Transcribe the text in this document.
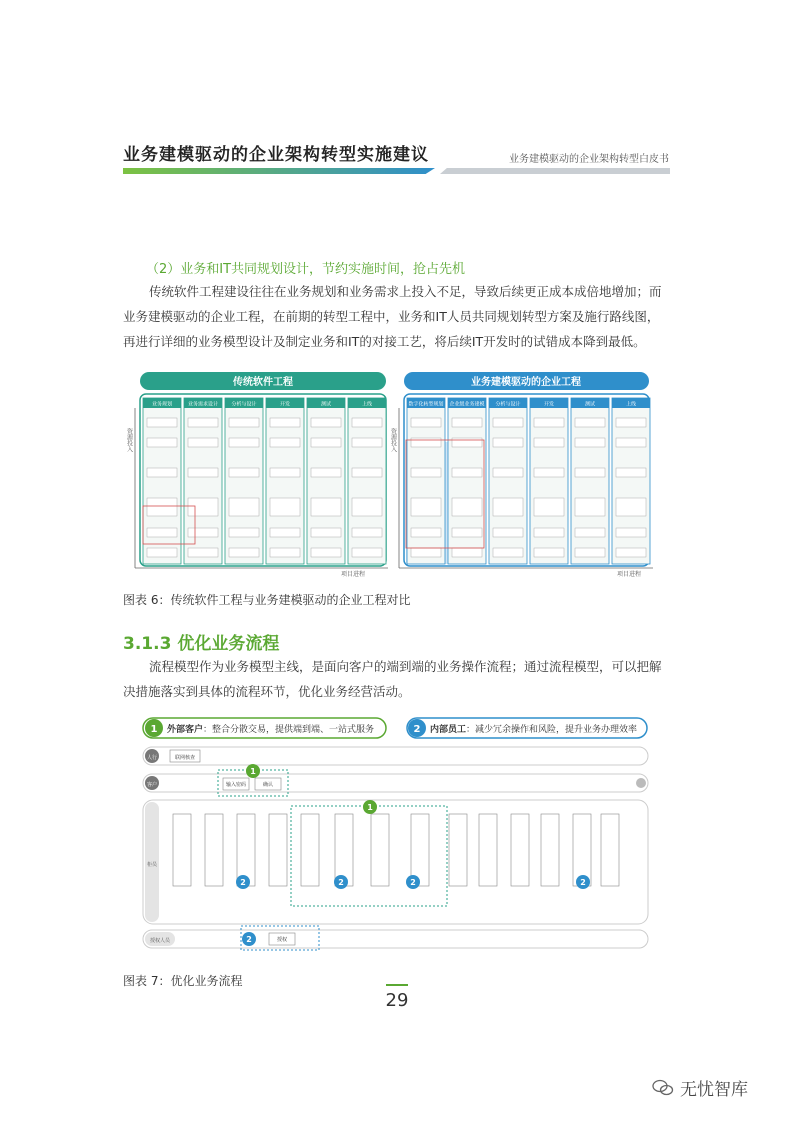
业务建模驱动的企业架构转型实施建议	业务建模驱动的企业架构转型白皮书
（2）业务和IT共同规划设计，节约实施时间，抢占先机
传统软件工程建设往往在业务规划和业务需求上投入不足，导致后续更正成本成倍地增加；而业务建模驱动的企业工程，在前期的转型工程中，业务和IT人员共同规划转型方案及施行路线图，再进行详细的业务模型设计及制定业务和IT的对接工艺，将后续IT开发时的试错成本降到最低。
传统软件工程	业务建模驱动的企业工程
业务规划	业务需求设计	分析与设计	开发	测试	上线	数字化转型规划 企业级业务建模 分析与设计	开发	测试	上线
资源投入
项目进程
资源投入
项目进程
图表 6：传统软件工程与业务建模驱动的企业工程对比
3.1.3 优化业务流程
流程模型作为业务模型主线，是面向客户的端到端的业务操作流程；通过流程模型，可以把解决措施落实到具体的流程环节，优化业务经营活动。
1 外部客户：整合分散交易，提供端到端、一站式服务	2 内部员工：减少冗余操作和风险，提升业务办理效率
人行
客户
柜员
授权人员
联网核查
1
输入密码	确认
2	2	2	2
1
2	授权
图表 7：优化业务流程
29
无忧智库
